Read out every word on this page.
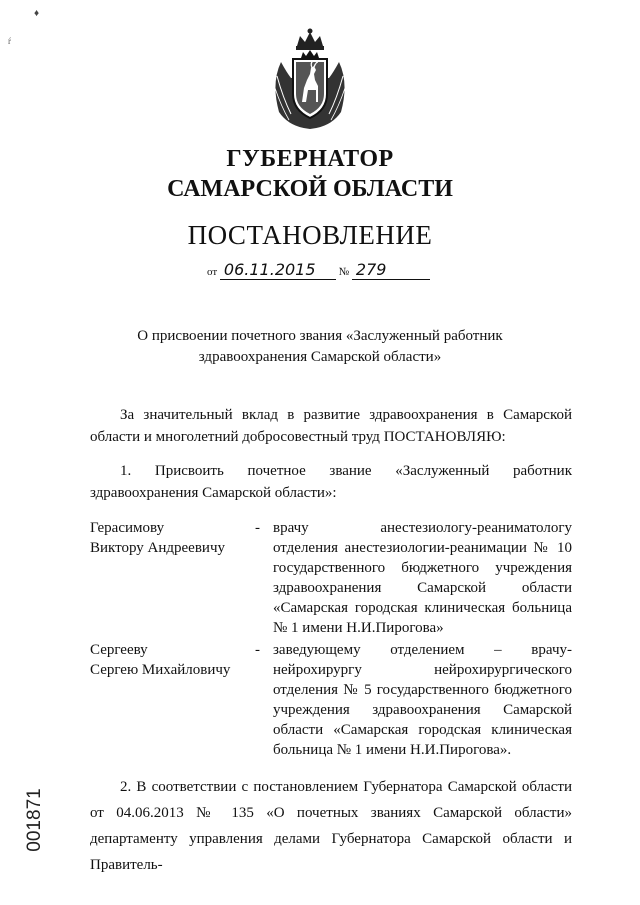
♦
ŕ
ГУБЕРНАТОР
САМАРСКОЙ ОБЛАСТИ
ПОСТАНОВЛЕНИЕ
от 06.11.2015 № 279
О присвоении почетного звания «Заслуженный работник
здравоохранения Самарской области»
За значительный вклад в развитие здравоохранения в Самарской области и многолетний добросовестный труд ПОСТАНОВЛЯЮ:
1. Присвоить почетное звание «Заслуженный работник здравоохранения Самарской области»:
Герасимову
Виктору Андреевичу
- врачу анестезиологу-реаниматологу отделения анестезиологии-реанимации № 10 государственного бюджетного учреждения здравоохранения Самарской области «Самарская городская клиническая больница № 1 имени Н.И.Пирогова»
Сергееву
Сергею Михайловичу
- заведующему отделением – врачу-нейрохирургу нейрохирургического отделения № 5 государственного бюджетного учреждения здравоохранения Самарской области «Самарская городская клиническая больница № 1 имени Н.И.Пирогова».
2. В соответствии с постановлением Губернатора Самарской области от 04.06.2013 № 135 «О почетных званиях Самарской области» департаменту управления делами Губернатора Самарской области и Правитель-
001871
